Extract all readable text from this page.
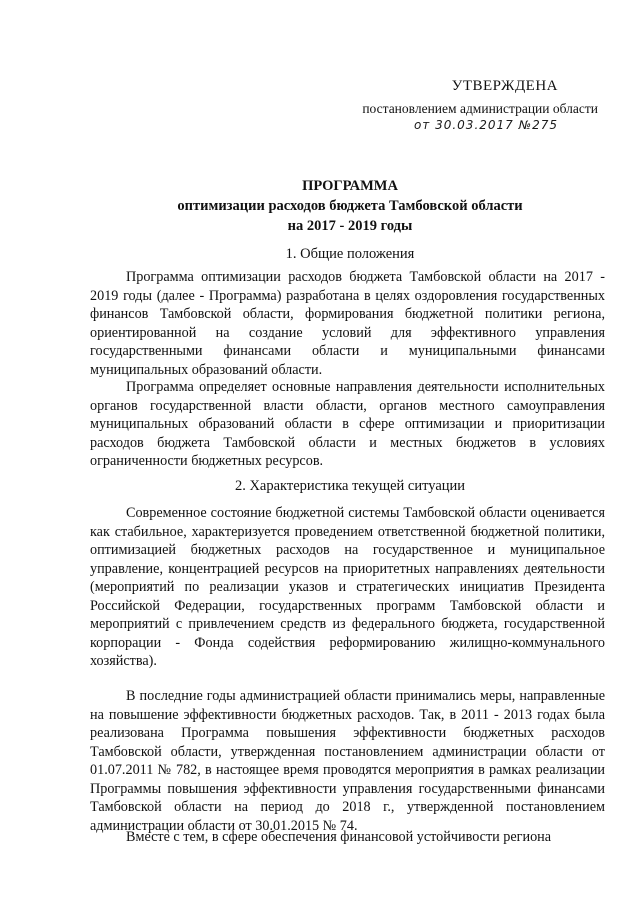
УТВЕРЖДЕНА
постановлением администрации области
от 30.03.2017 №275
ПРОГРАММА
оптимизации расходов бюджета Тамбовской области
на 2017 - 2019 годы
1. Общие положения

Программа оптимизации расходов бюджета Тамбовской области на 2017 - 2019 годы (далее - Программа) разработана в целях оздоровления государственных финансов Тамбовской области, формирования бюджетной политики региона, ориентированной на создание условий для эффективного управления государственными финансами области и муниципальными финансами муниципальных образований области.

Программа определяет основные направления деятельности исполнительных органов государственной власти области, органов местного самоуправления муниципальных образований области в сфере оптимизации и приоритизации расходов бюджета Тамбовской области и местных бюджетов в условиях ограниченности бюджетных ресурсов.

2. Характеристика текущей ситуации

Современное состояние бюджетной системы Тамбовской области оценивается как стабильное, характеризуется проведением ответственной бюджетной политики, оптимизацией бюджетных расходов на государственное и муниципальное управление, концентрацией ресурсов на приоритетных направлениях деятельности (мероприятий по реализации указов и стратегических инициатив Президента Российской Федерации, государственных программ Тамбовской области и мероприятий с привлечением средств из федерального бюджета, государственной корпорации - Фонда содействия реформированию жилищно-коммунального хозяйства).

В последние годы администрацией области принимались меры, направленные на повышение эффективности бюджетных расходов. Так, в 2011 - 2013 годах была реализована Программа повышения эффективности бюджетных расходов Тамбовской области, утвержденная постановлением администрации области от 01.07.2011 № 782, в настоящее время проводятся мероприятия в рамках реализации Программы повышения эффективности управления государственными финансами Тамбовской области на период до 2018 г., утвержденной постановлением администрации области от 30.01.2015 № 74.

Вместе с тем, в сфере обеспечения финансовой устойчивости региона
